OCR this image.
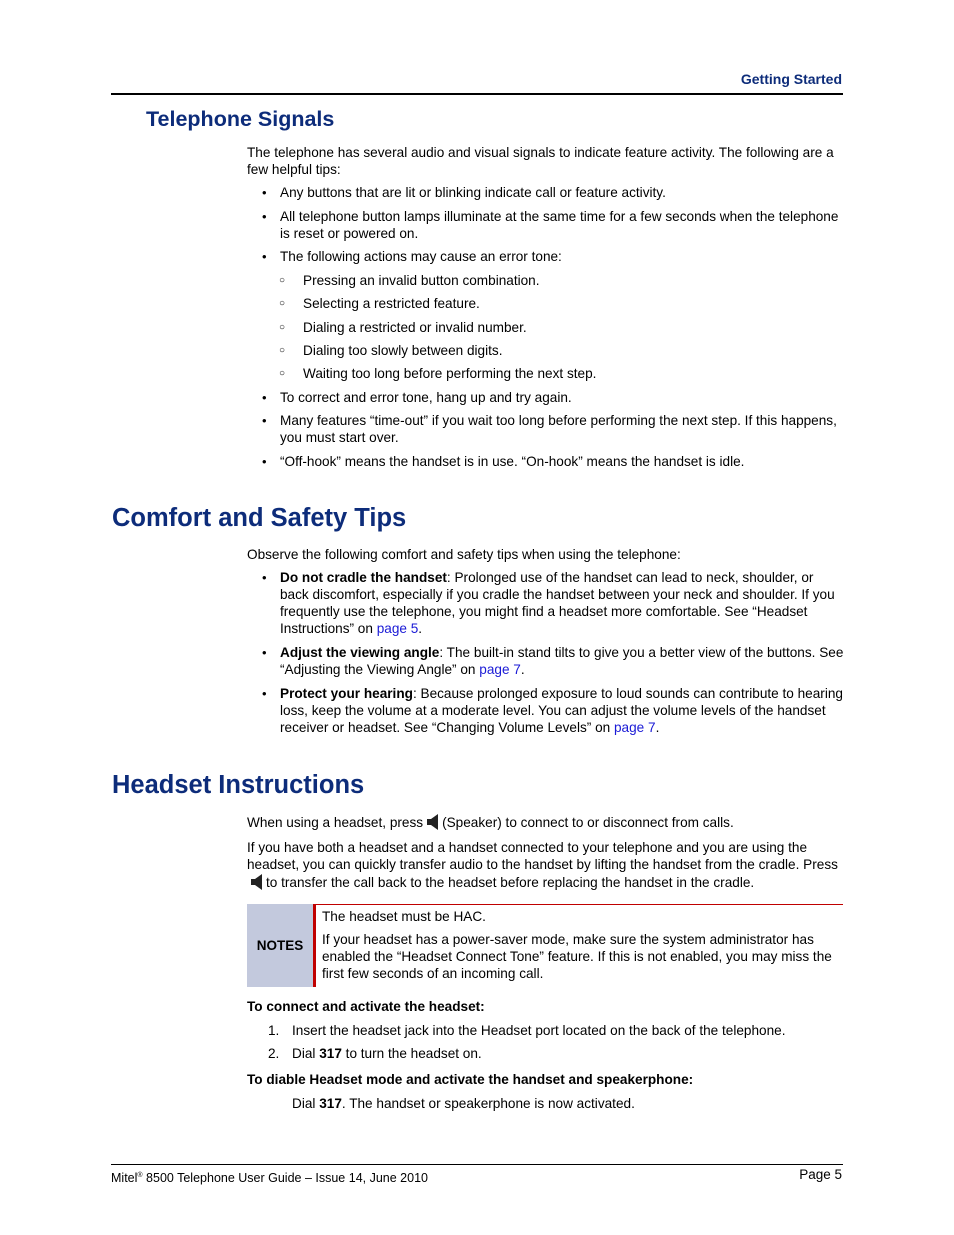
Getting Started
Telephone Signals

The telephone has several audio and visual signals to indicate feature activity. The following are a few helpful tips:

• Any buttons that are lit or blinking indicate call or feature activity.

• All telephone button lamps illuminate at the same time for a few seconds when the telephone is reset or powered on.

• The following actions may cause an error tone:

○ Pressing an invalid button combination.

○ Selecting a restricted feature.

○ Dialing a restricted or invalid number.

○ Dialing too slowly between digits.

○ Waiting too long before performing the next step.

• To correct and error tone, hang up and try again.

• Many features “time-out” if you wait too long before performing the next step. If this happens, you must start over.

• “Off-hook” means the handset is in use. “On-hook” means the handset is idle.

Comfort and Safety Tips

Observe the following comfort and safety tips when using the telephone:

• Do not cradle the handset: Prolonged use of the handset can lead to neck, shoulder, or back discomfort, especially if you cradle the handset between your neck and shoulder. If you frequently use the telephone, you might find a headset more comfortable. See “Headset Instructions” on page 5.

• Adjust the viewing angle: The built-in stand tilts to give you a better view of the buttons. See “Adjusting the Viewing Angle” on page 7.

• Protect your hearing: Because prolonged exposure to loud sounds can contribute to hearing loss, keep the volume at a moderate level. You can adjust the volume levels of the handset receiver or headset. See “Changing Volume Levels” on page 7.

Headset Instructions

When using a headset, press (Speaker) to connect to or disconnect from calls.

If you have both a headset and a handset connected to your telephone and you are using the headset, you can quickly transfer audio to the handset by lifting the handset from the cradle. Pressto transfer the call back to the headset before replacing the handset in the cradle.

NOTES

The headset must be HAC.

If your headset has a power-saver mode, make sure the system administrator has enabled the “Headset Connect Tone” feature. If this is not enabled, you may miss the first few seconds of an incoming call.

To connect and activate the headset:

1. Insert the headset jack into the Headset port located on the back of the telephone.

2. Dial 317 to turn the headset on.

To diable Headset mode and activate the handset and speakerphone:

Dial 317. The handset or speakerphone is now activated.

Mitel® 8500 Telephone User Guide – Issue 14, June 2010	Page 5
